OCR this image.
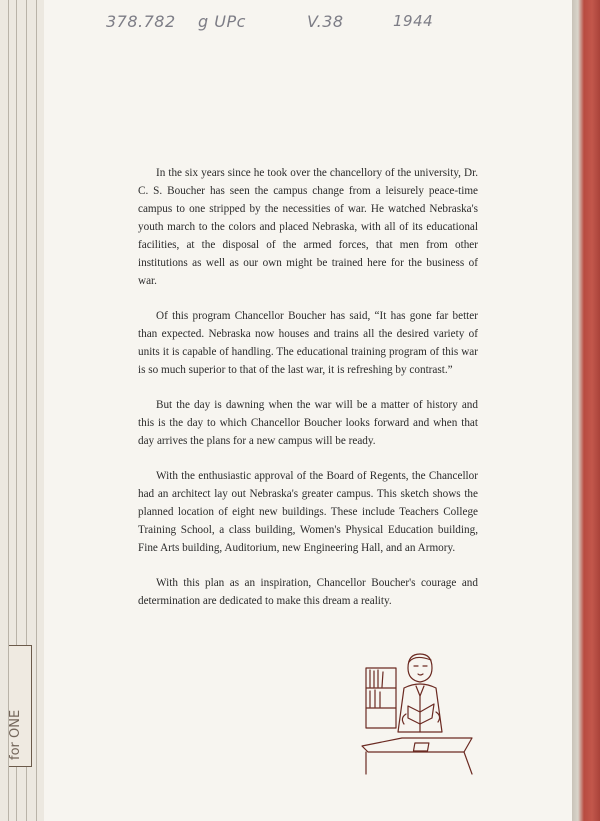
for ONE
378.782 g UPc	V.38	1944

In the six years since he took over the chancellory of the university, Dr. C. S. Boucher has seen the campus change from a leisurely peace-time campus to one stripped by the necessities of war. He watched Nebraska's youth march to the colors and placed Nebraska, with all of its educational facilities, at the disposal of the armed forces, that men from other institutions as well as our own might be trained here for the business of war.

Of this program Chancellor Boucher has said, “It has gone far better than expected. Nebraska now houses and trains all the desired variety of units it is capable of handling. The educational training program of this war is so much superior to that of the last war, it is refreshing by contrast.”

But the day is dawning when the war will be a matter of history and this is the day to which Chancellor Boucher looks forward and when that day arrives the plans for a new campus will be ready.

With the enthusiastic approval of the Board of Regents, the Chancellor had an architect lay out Nebraska's greater campus. This sketch shows the planned location of eight new buildings. These include Teachers College Training School, a class building, Women's Physical Education building, Fine Arts building, Auditorium, new Engineering Hall, and an Armory.

With this plan as an inspiration, Chancellor Boucher's courage and determination are dedicated to make this dream a reality.
